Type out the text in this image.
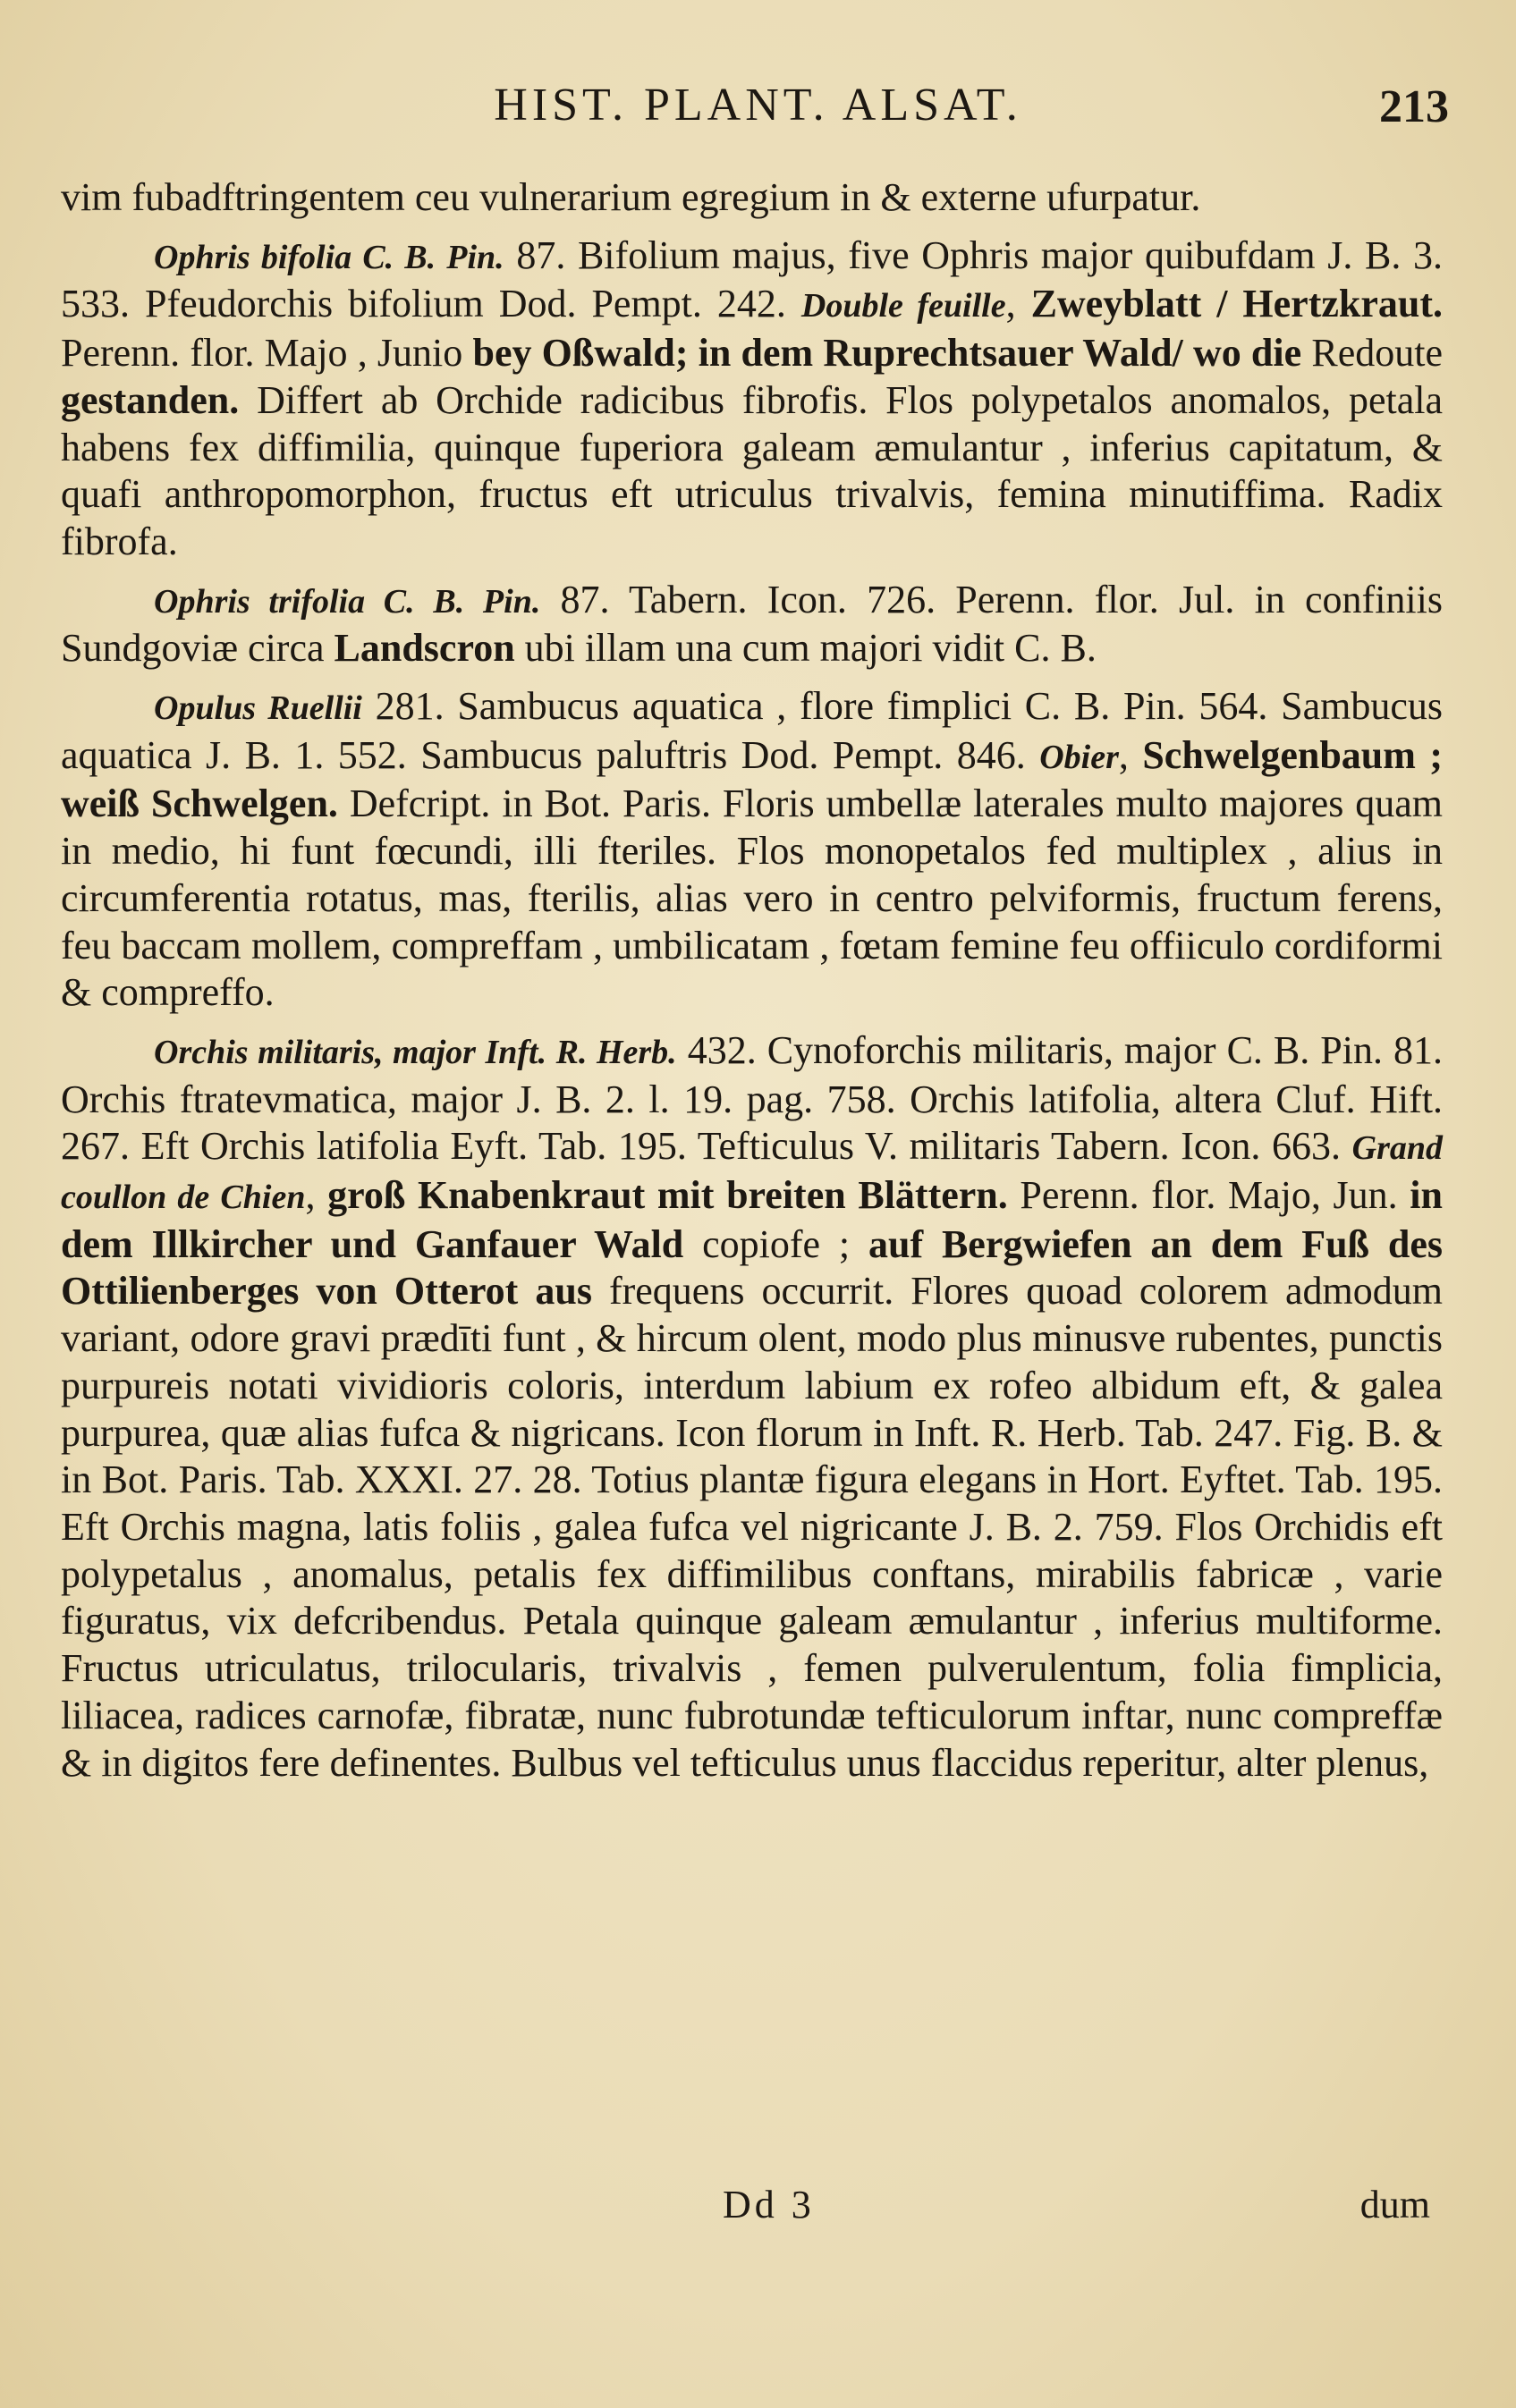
HIST. PLANT. ALSAT.	213

vim fubadftringentem ceu vulnerarium egregium in & externe ufurpatur.

Ophris bifolia C. B. Pin. 87. Bifolium majus, five Ophris major quibufdam J. B. 3. 533. Pfeudorchis bifolium Dod. Pempt. 242. Double feuille, Zweyblatt / Hertzkraut. Perenn. flor. Majo , Junio bey Oßwald; in dem Ruprechtsauer Wald/ wo die Redoute gestanden. Differt ab Orchide radicibus fibrofis. Flos polypetalos anomalos, petala habens fex diffimilia, quinque fuperiora galeam æmulantur , inferius capitatum, & quafi anthropomorphon, fructus eft utriculus trivalvis, femina minutiffima. Radix fibrofa.

Ophris trifolia C. B. Pin. 87. Tabern. Icon. 726. Perenn. flor. Jul. in confiniis Sundgoviæ circa Landscron ubi illam una cum majori vidit C. B.

Opulus Ruellii 281. Sambucus aquatica , flore fimplici C. B. Pin. 564. Sambucus aquatica J. B. 1. 552. Sambucus paluftris Dod. Pempt. 846. Obier, Schwelgenbaum ; weiß Schwelgen. Defcript. in Bot. Paris. Floris umbellæ laterales multo majores quam in medio, hi funt fœcundi, illi fteriles. Flos monopetalos fed multiplex , alius in circumferentia rotatus, mas, fterilis, alias vero in centro pelviformis, fructum ferens, feu baccam mollem, compreffam , umbilicatam , fœtam femine feu offiiculo cordiformi & compreffo.

Orchis militaris, major Inft. R. Herb. 432. Cynoforchis militaris, major C. B. Pin. 81. Orchis ftratevmatica, major J. B. 2. l. 19. pag. 758. Orchis latifolia, altera Cluf. Hift. 267. Eft Orchis latifolia Eyft. Tab. 195. Tefticulus V. militaris Tabern. Icon. 663. Grand coullon de Chien, groß Knabenkraut mit breiten Blättern. Perenn. flor. Majo, Jun. in dem Illkircher und Ganfauer Wald copiofe ; auf Bergwiefen an dem Fuß des Ottilienberges von Otterot aus frequens occurrit. Flores quoad colorem admodum variant, odore gravi prædīti funt , & hircum olent, modo plus minusve rubentes, punctis purpureis notati vividioris coloris, interdum labium ex rofeo albidum eft, & galea purpurea, quæ alias fufca & nigricans. Icon florum in Inft. R. Herb. Tab. 247. Fig. B. & in Bot. Paris. Tab. XXXI. 27. 28. Totius plantæ figura elegans in Hort. Eyftet. Tab. 195. Eft Orchis magna, latis foliis , galea fufca vel nigricante J. B. 2. 759. Flos Orchidis eft polypetalus , anomalus, petalis fex diffimilibus conftans, mirabilis fabricæ , varie figuratus, vix defcribendus. Petala quinque galeam æmulantur , inferius multiforme. Fructus utriculatus, trilocularis, trivalvis , femen pulverulentum, folia fimplicia, liliacea, radices carnofæ, fibratæ, nunc fubrotundæ tefticulorum inftar, nunc compreffæ & in digitos fere definentes. Bulbus vel tefticulus unus flaccidus reperitur, alter plenus,

Dd 3	dum
